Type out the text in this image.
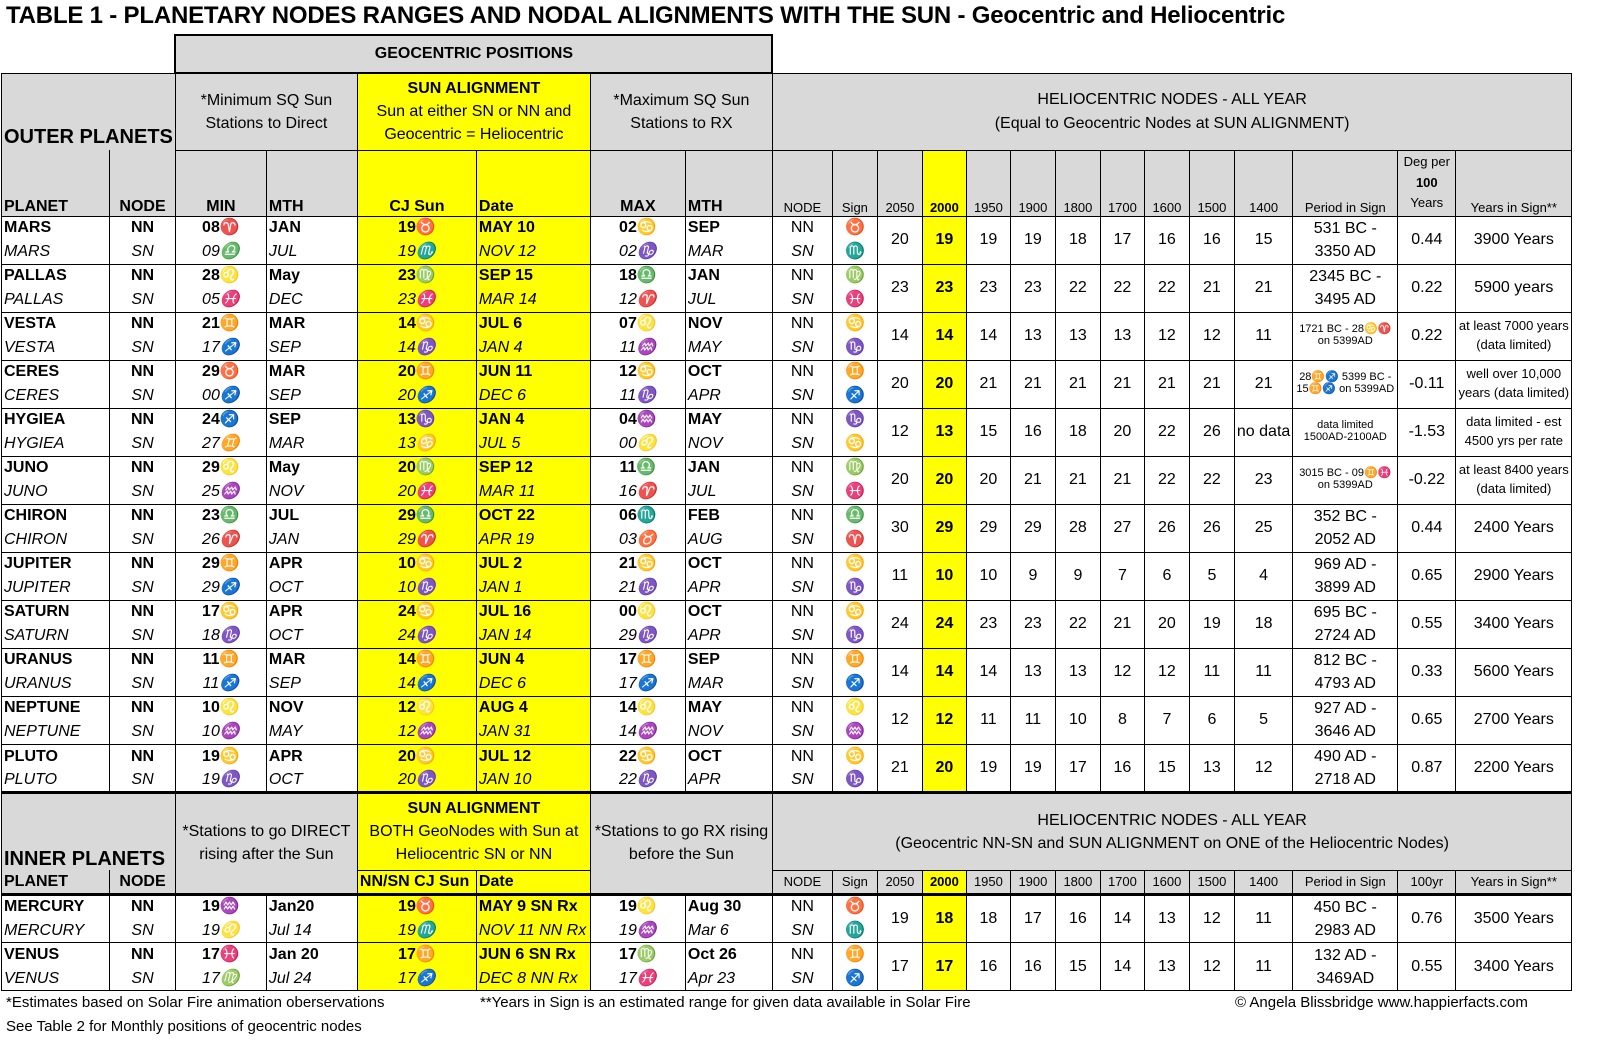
TABLE 1 - PLANETARY NODES RANGES AND NODAL ALIGNMENTS WITH THE SUN - Geocentric and Heliocentric
		GEOCENTRIC POSITIONS																			
OUTER PLANETS		*Minimum SQ Sun Stations to Direct		SUN ALIGNMENT
Sun at either SN or NN and Geocentric = Heliocentric		*Maximum SQ Sun Stations to RX		HELIOCENTRIC NODES - ALL YEAR
(Equal to Geocentric Nodes at SUN ALIGNMENT)													
PLANET	NODE	MIN	MTH	CJ Sun	Date	MAX	MTH	NODE	Sign	2050	2000	1950	1900	1800	1700	1600	1500	1400	Period in Sign	Deg per
100
Years	Years in Sign**
MARS	NN	08♈	JAN	19♉	MAY 10	02♋	SEP	NN	♉	20	19	19	19	18	17	16	16	15	531 BC - 3350 AD	0.44	3900 Years
MARS	SN	09♎	JUL	19♏	NOV 12	02♑	MAR	SN	♏												
PALLAS	NN	28♌	May	23♍	SEP 15	18♎	JAN	NN	♍	23	23	23	23	22	22	22	21	21	2345 BC - 3495 AD	0.22	5900 years
PALLAS	SN	05♓	DEC	23♓	MAR 14	12♈	JUL	SN	♓												
VESTA	NN	21♊	MAR	14♋	JUL 6	07♌	NOV	NN	♋	14	14	14	13	13	13	12	12	11	1721 BC - 28♋♈ on 5399AD	0.22	at least 7000 years (data limited)
VESTA	SN	17♐	SEP	14♑	JAN 4	11♒	MAY	SN	♑												
CERES	NN	29♉	MAR	20♊	JUN 11	12♋	OCT	NN	♊	20	20	21	21	21	21	21	21	21	28♊♐ 5399 BC - 15♊♐ on 5399AD	-0.11	well over 10,000 years (data limited)
CERES	SN	00♐	SEP	20♐	DEC 6	11♑	APR	SN	♐												
HYGIEA	NN	24♐	SEP	13♑	JAN 4	04♒	MAY	NN	♑	12	13	15	16	18	20	22	26	no data	data limited 1500AD-2100AD	-1.53	data limited - est 4500 yrs per rate
HYGIEA	SN	27♊	MAR	13♋	JUL 5	00♌	NOV	SN	♋												
JUNO	NN	29♌	May	20♍	SEP 12	11♎	JAN	NN	♍	20	20	20	21	21	21	22	22	23	3015 BC - 09♊♓ on 5399AD	-0.22	at least 8400 years (data limited)
JUNO	SN	25♒	NOV	20♓	MAR 11	16♈	JUL	SN	♓												
CHIRON	NN	23♎	JUL	29♎	OCT 22	06♏	FEB	NN	♎	30	29	29	29	28	27	26	26	25	352 BC - 2052 AD	0.44	2400 Years
CHIRON	SN	26♈	JAN	29♈	APR 19	03♉	AUG	SN	♈												
JUPITER	NN	29♊	APR	10♋	JUL 2	21♋	OCT	NN	♋	11	10	10	9	9	7	6	5	4	969 AD - 3899 AD	0.65	2900 Years
JUPITER	SN	29♐	OCT	10♑	JAN 1	21♑	APR	SN	♑												
SATURN	NN	17♋	APR	24♋	JUL 16	00♌	OCT	NN	♋	24	24	23	23	22	21	20	19	18	695 BC - 2724 AD	0.55	3400 Years
SATURN	SN	18♑	OCT	24♑	JAN 14	29♑	APR	SN	♑												
URANUS	NN	11♊	MAR	14♊	JUN 4	17♊	SEP	NN	♊	14	14	14	13	13	12	12	11	11	812 BC - 4793 AD	0.33	5600 Years
URANUS	SN	11♐	SEP	14♐	DEC 6	17♐	MAR	SN	♐												
NEPTUNE	NN	10♌	NOV	12♌	AUG 4	14♌	MAY	NN	♌	12	12	11	11	10	8	7	6	5	927 AD - 3646 AD	0.65	2700 Years
NEPTUNE	SN	10♒	MAY	12♒	JAN 31	14♒	NOV	SN	♒												
PLUTO	NN	19♋	APR	20♋	JUL 12	22♋	OCT	NN	♋	21	20	19	19	17	16	15	13	12	490 AD - 2718 AD	0.87	2200 Years
PLUTO	SN	19♑	OCT	20♑	JAN 10	22♑	APR	SN	♑												
INNER PLANETS		*Stations to go DIRECT rising after the Sun		SUN ALIGNMENT
BOTH GeoNodes with Sun at Heliocentric SN or NN		*Stations to go RX rising before the Sun		HELIOCENTRIC NODES - ALL YEAR
(Geocentric NN-SN and SUN ALIGNMENT on ONE of the Heliocentric Nodes)													
PLANET	NODE			NN/SN CJ Sun	Date			NODE	Sign	2050	2000	1950	1900	1800	1700	1600	1500	1400	Period in Sign	100yr	Years in Sign**
MERCURY	NN	19♒	Jan20	19♉	MAY 9 SN Rx	19♌	Aug 30	NN	♉	19	18	18	17	16	14	13	12	11	450 BC - 2983 AD	0.76	3500 Years
MERCURY	SN	19♌	Jul 14	19♏	NOV 11 NN Rx	19♒	Mar 6	SN	♏												
VENUS	NN	17♓	Jan 20	17♊	JUN 6 SN Rx	17♍	Oct 26	NN	♊	17	17	16	16	15	14	13	12	11	132 AD - 3469AD	0.55	3400 Years
VENUS	SN	17♍	Jul 24	17♐	DEC 8 NN Rx	17♓	Apr 23	SN	♐												
*Estimates based on Solar Fire animation oberservations	**Years in Sign is an estimated range for given data available in Solar Fire	© Angela Blissbridge www.happierfacts.com
See Table 2 for Monthly positions of geocentric nodes
